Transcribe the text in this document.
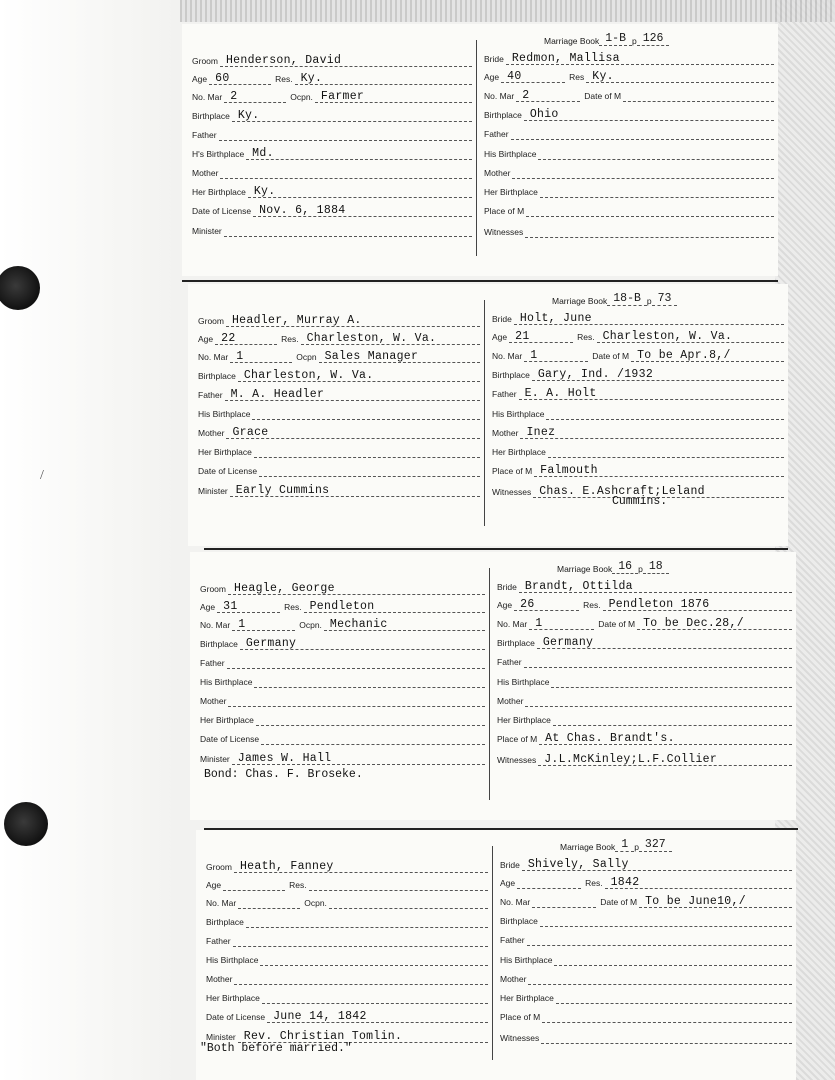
/
Marriage Book 1-B p 126
Groom Henderson, David
Age 60	Res. Ky.
No. Mar 2	Ocpn. Farmer
Birthplace Ky.
Father
H's Birthplace Md.
Mother
Her Birthplace Ky.
Date of License Nov. 6, 1884
Minister
Bride Redmon, Mallisa
Age 40	Res Ky.
No. Mar 2	Date of M
Birthplace Ohio
Father
His Birthplace
Mother
Her Birthplace
Place of M
Witnesses
Marriage Book 18-B p 73
Groom Headler, Murray A.
Age 22	Res. Charleston, W. Va.
No. Mar 1	Ocpn Sales Manager
Birthplace Charleston, W. Va.
Father M. A. Headler
His Birthplace
Mother Grace
Her Birthplace
Date of License
Minister Early Cummins
Bride Holt, June
Age 21	Res. Charleston, W. Va.
No. Mar 1	Date of M To be Apr.8,/
Birthplace Gary, Ind. /1932
Father E. A. Holt
His Birthplace
Mother Inez
Her Birthplace
Place of M Falmouth
Witnesses Chas. E.Ashcraft;Leland
Cummins.
Marriage Book 16 p 18
Groom Heagle, George
Age 31	Res. Pendleton
No. Mar 1	Ocpn. Mechanic
Birthplace Germany
Father
His Birthplace
Mother
Her Birthplace
Date of License
Minister James W. Hall
Bride Brandt, Ottilda
Age 26	Res. Pendleton 1876
No. Mar 1	Date of M To be Dec.28,/
Birthplace Germany
Father
His Birthplace
Mother
Her Birthplace
Place of M At Chas. Brandt's.
Witnesses J.L.McKinley;L.F.Collier
Bond: Chas. F. Broseke.
Marriage Book 1 p 327
Groom Heath, Fanney
Age	Res.
No. Mar	Ocpn.
Birthplace
Father
His Birthplace
Mother
Her Birthplace
Date of License June 14, 1842
Minister Rev. Christian Tomlin.
Bride Shively, Sally
Age	Res. 1842
No. Mar	Date of M To be June10,/
Birthplace
Father
His Birthplace
Mother
Her Birthplace
Place of M
Witnesses
"Both before married."
